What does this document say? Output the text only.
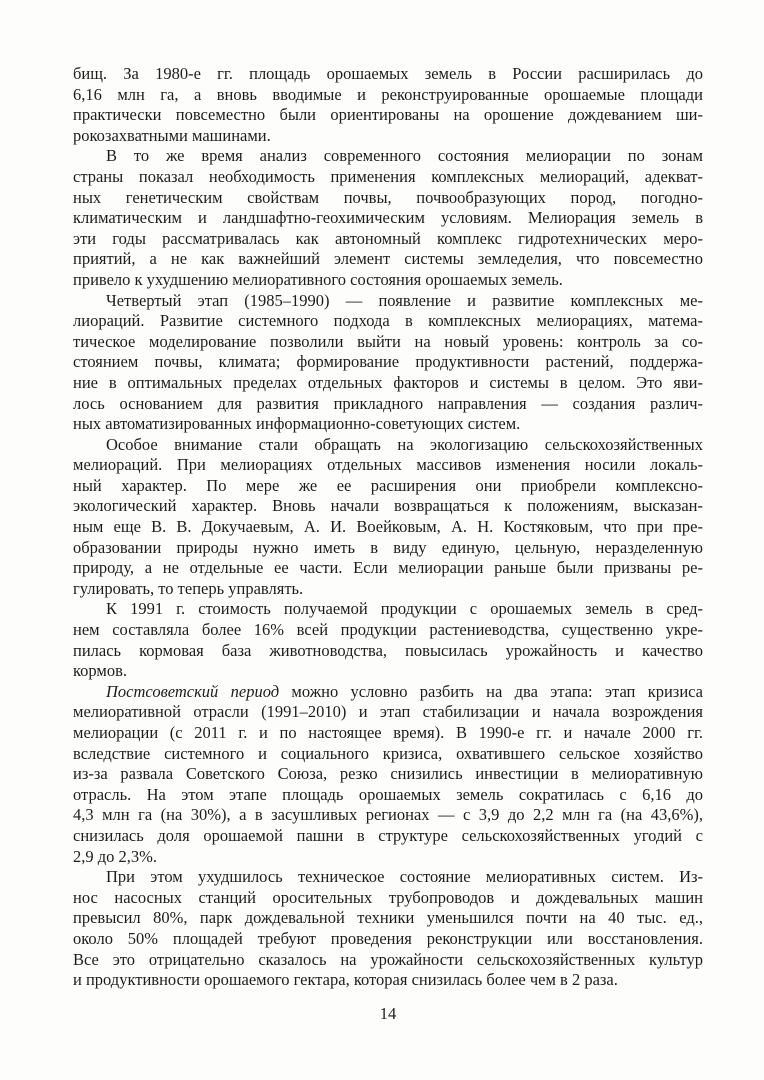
бищ. За 1980-е гг. площадь орошаемых земель в России расширилась до
6,16 млн га, а вновь вводимые и реконструированные орошаемые площади
практически повсеместно были ориентированы на орошение дождеванием ши-
рокозахватными машинами.
В то же время анализ современного состояния мелиорации по зонам
страны показал необходимость применения комплексных мелиораций, адекват-
ных генетическим свойствам почвы, почвообразующих пород, погодно-
климатическим и ландшафтно-геохимическим условиям. Мелиорация земель в
эти годы рассматривалась как автономный комплекс гидротехнических меро-
приятий, а не как важнейший элемент системы земледелия, что повсеместно
привело к ухудшению мелиоративного состояния орошаемых земель.
Четвертый этап (1985–1990) — появление и развитие комплексных ме-
лиораций. Развитие системного подхода в комплексных мелиорациях, матема-
тическое моделирование позволили выйти на новый уровень: контроль за со-
стоянием почвы, климата; формирование продуктивности растений, поддержа-
ние в оптимальных пределах отдельных факторов и системы в целом. Это яви-
лось основанием для развития прикладного направления — создания различ-
ных автоматизированных информационно-советующих систем.
Особое внимание стали обращать на экологизацию сельскохозяйственных
мелиораций. При мелиорациях отдельных массивов изменения носили локаль-
ный характер. По мере же ее расширения они приобрели комплексно-
экологический характер. Вновь начали возвращаться к положениям, высказан-
ным еще В. В. Докучаевым, А. И. Воейковым, А. Н. Костяковым, что при пре-
образовании природы нужно иметь в виду единую, цельную, неразделенную
природу, а не отдельные ее части. Если мелиорации раньше были призваны ре-
гулировать, то теперь управлять.
К 1991 г. стоимость получаемой продукции с орошаемых земель в сред-
нем составляла более 16% всей продукции растениеводства, существенно укре-
пилась кормовая база животноводства, повысилась урожайность и качество
кормов.
Постсоветский период можно условно разбить на два этапа: этап кризиса
мелиоративной отрасли (1991–2010) и этап стабилизации и начала возрождения
мелиорации (с 2011 г. и по настоящее время). В 1990-е гг. и начале 2000 гг.
вследствие системного и социального кризиса, охватившего сельское хозяйство
из-за развала Советского Союза, резко снизились инвестиции в мелиоративную
отрасль. На этом этапе площадь орошаемых земель сократилась с 6,16 до
4,3 млн га (на 30%), а в засушливых регионах — с 3,9 до 2,2 млн га (на 43,6%),
снизилась доля орошаемой пашни в структуре сельскохозяйственных угодий с
2,9 до 2,3%.
При этом ухудшилось техническое состояние мелиоративных систем. Из-
нос насосных станций оросительных трубопроводов и дождевальных машин
превысил 80%, парк дождевальной техники уменьшился почти на 40 тыс. ед.,
около 50% площадей требуют проведения реконструкции или восстановления.
Все это отрицательно сказалось на урожайности сельскохозяйственных культур
и продуктивности орошаемого гектара, которая снизилась более чем в 2 раза.
14
